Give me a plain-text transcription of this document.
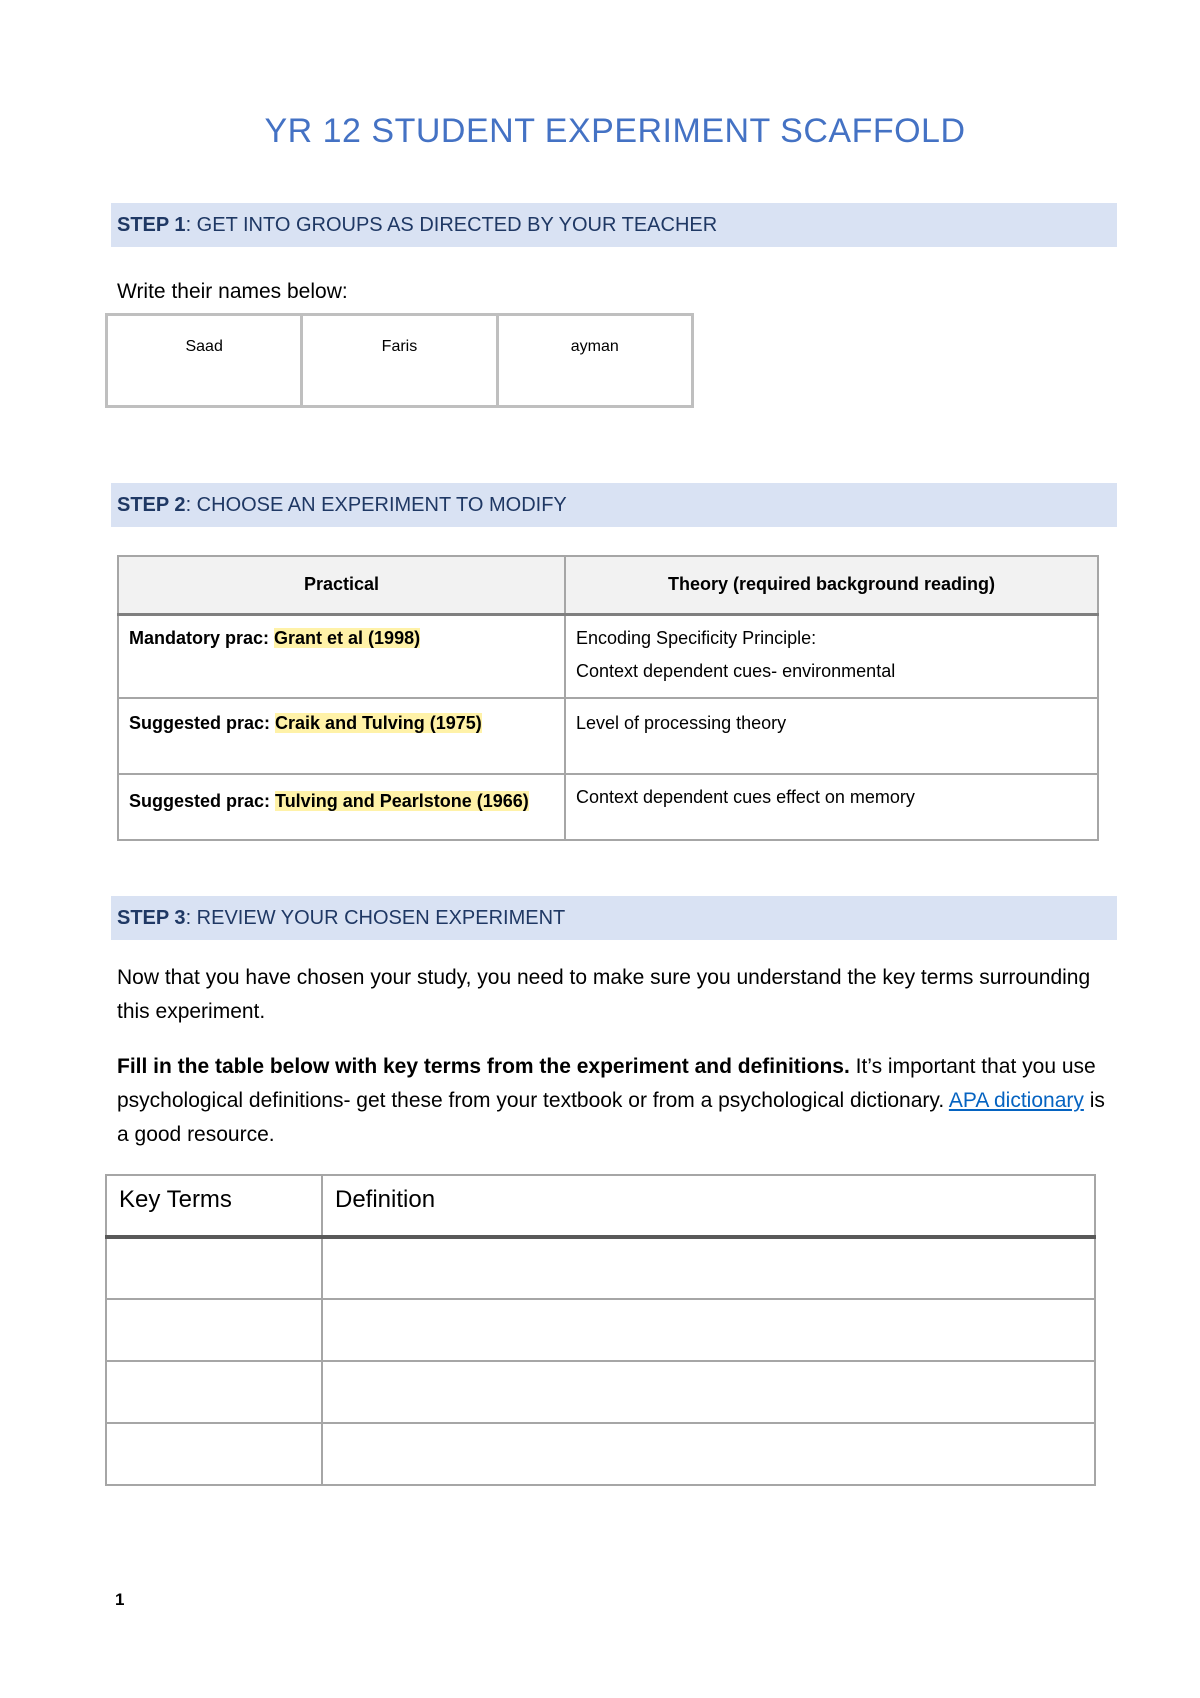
YR 12 STUDENT EXPERIMENT SCAFFOLD
STEP 1: GET INTO GROUPS AS DIRECTED BY YOUR TEACHER
Write their names below:
Saad	Faris	ayman
STEP 2: CHOOSE AN EXPERIMENT TO MODIFY
Practical	Theory (required background reading)
Mandatory prac: Grant et al (1998)	Encoding Specificity Principle:

Context dependent cues- environmental

Suggested prac: Craik and Tulving (1975)	Level of processing theory

Suggested prac: Tulving and Pearlstone (1966)	Context dependent cues effect on memory

STEP 3: REVIEW YOUR CHOSEN EXPERIMENT
Now that you have chosen your study, you need to make sure you understand the key terms surrounding this experiment.
Fill in the table below with key terms from the experiment and definitions. It’s important that you use psychological definitions- get these from your textbook or from a psychological dictionary. APA dictionary is a good resource.
Key Terms	Definition

1
